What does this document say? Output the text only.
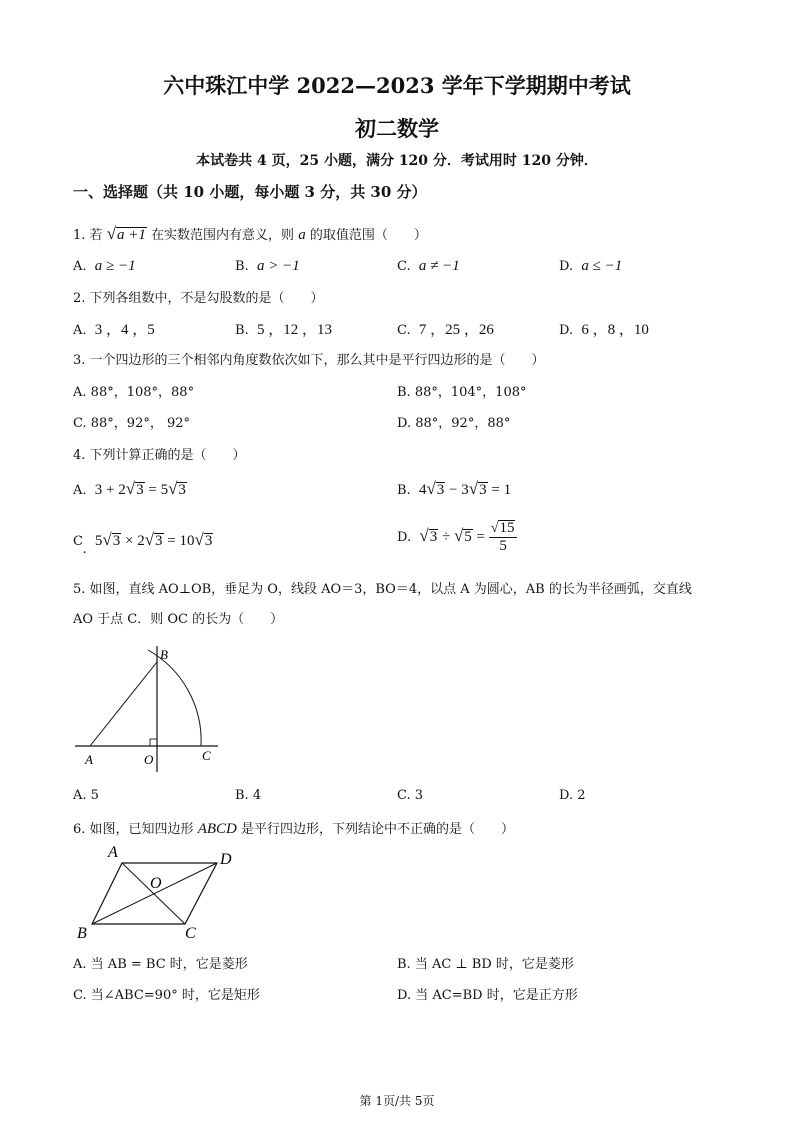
六中珠江中学 2022—2023 学年下学期期中考试
初二数学
本试卷共 4 页，25 小题，满分 120 分．考试用时 120 分钟．
一、选择题（共 10 小题，每小题 3 分，共 30 分）
1. 若 √a +1 在实数范围内有意义，则 a 的取值范围（　　）
A. a ≥ −1	B. a > −1	C. a ≠ −1	D. a ≤ −1
2. 下列各组数中，不是勾股数的是（　　）
A. 3 ，4 ，5	B. 5 ，12 ，13	C. 7 ，25 ，26	D. 6 ，8 ，10
3. 一个四边形的三个相邻内角度数依次如下，那么其中是平行四边形的是（　　）
A. 88°，108°，88°	B. 88°，104°，108°
C. 88°，92°， 92°	D. 88°，92°，88°
4. 下列计算正确的是（　　）
A. 3 + 2√3 = 5√3	B. 4√3 − 3√3 = 1
C.  5√3 × 2√3 = 10√3	D. $√3 \div √5 = \frac{√15}{5}$
5. 如图，直线 AO⊥OB，垂足为 O，线段 AO＝3，BO＝4，以点 A 为圆心，AB 的长为半径画弧，交直线
AO 于点 C．则 OC 的长为（　　）
A	O
B
C
A. 5	B. 4	C. 3	D. 2
6. 如图，已知四边形 ABCD 是平行四边形，下列结论中不正确的是（　　）
A	D
O
B	C
A. 当 AB = BC 时，它是菱形	B. 当 AC ⊥ BD 时，它是菱形
C. 当∠ABC=90° 时，它是矩形	D. 当 AC=BD 时，它是正方形
第 1页/共 5页
